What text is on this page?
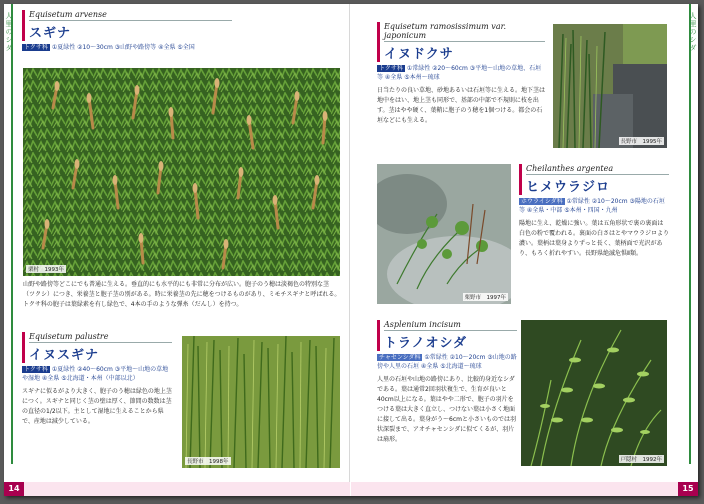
人里のシダ
14
Equisetum arvense
スギナ
トクサ科 ①夏緑性 ②10〜30cm ③山野や路傍等 ④全県 ⑤全国
栗村　1993年
山野や路傍等どこにでも普通に生える。垂直的にも水平的にも非常に分布が広い。胞子のう穂は淡褐色の特別な茎（ツクシ）につき、栄養茎と胞子茎の別がある。時に栄養茎の先に穂をつけるものがあり、ミモチスギナと呼ばれる。トクサ科の胞子は葉緑素を有し緑色で、4本の手のような弾糸（だんし）を持つ。
Equisetum palustre
イヌスギナ
トクサ科 ①夏緑性 ②40〜60cm ③平地〜山地の草地や湿地 ④全県 ⑤北海道・本州（中部以北）
スギナに似るがより大きく、胞子のう穂は緑色の地上茎につく。スギナと同じく茎の壁は厚く、節間の数数は茎の直径の1/2以下。主として湿地に生えることから県で、産地は減少している。
長野市　1998年
人里のシダ
15
Equisetum ramosissimum var. japonicum
イヌドクサ
トクサ科 ①常緑性 ②20〜60cm ③平地〜山地の草地、石垣等 ④全県 ⑤本州〜琉球
日当たりの良い草地、砂地あるいは石垣等に生える。地下茎は地中をはい、地上茎も同形で、基部の中部で不規則に枝を出す。茎はやや硬く、葉鞘に胞子のう穂を1個つける。都会の石垣などにも生える。
長野市　1995年
栗野市　1997年
Cheilanthes argentea
ヒメウラジロ
ホウライシダ科 ①常緑性 ②10〜20cm ③陽地の石垣等 ④全県・中部 ⑤本州・四国・九州
陽地に生え、乾燥に強い。葉は五角形状で裏の裏面は白色の粉で覆われる。裏面の白さはとやマウラジロより濃い。葉柄は葉身よりずっと長く、葉柄面で光沢があり、もろく折れやすい。長野県絶滅危惧Ⅱ類。
Asplenium incisum
トラノオシダ
チャセンシダ科 ①常緑性 ②10〜20cm ③山地の路傍や人里の石垣 ④全県 ⑤北海道〜琉球
人里の石垣や山地の路傍にあり、比較的身近なシダである。葉は通常2回羽状複生で、生育が良いと40cm以上になる。葉はやや二形で、胞子の羽片をつける葉は大きく直立し、つけない葉は小さく地面に接して出る。葉身がう〜6cmと小さいものでは羽状深裂まで、アオチャセンシダに似てくるが、羽片は扇形。
戸隠村　1992年
